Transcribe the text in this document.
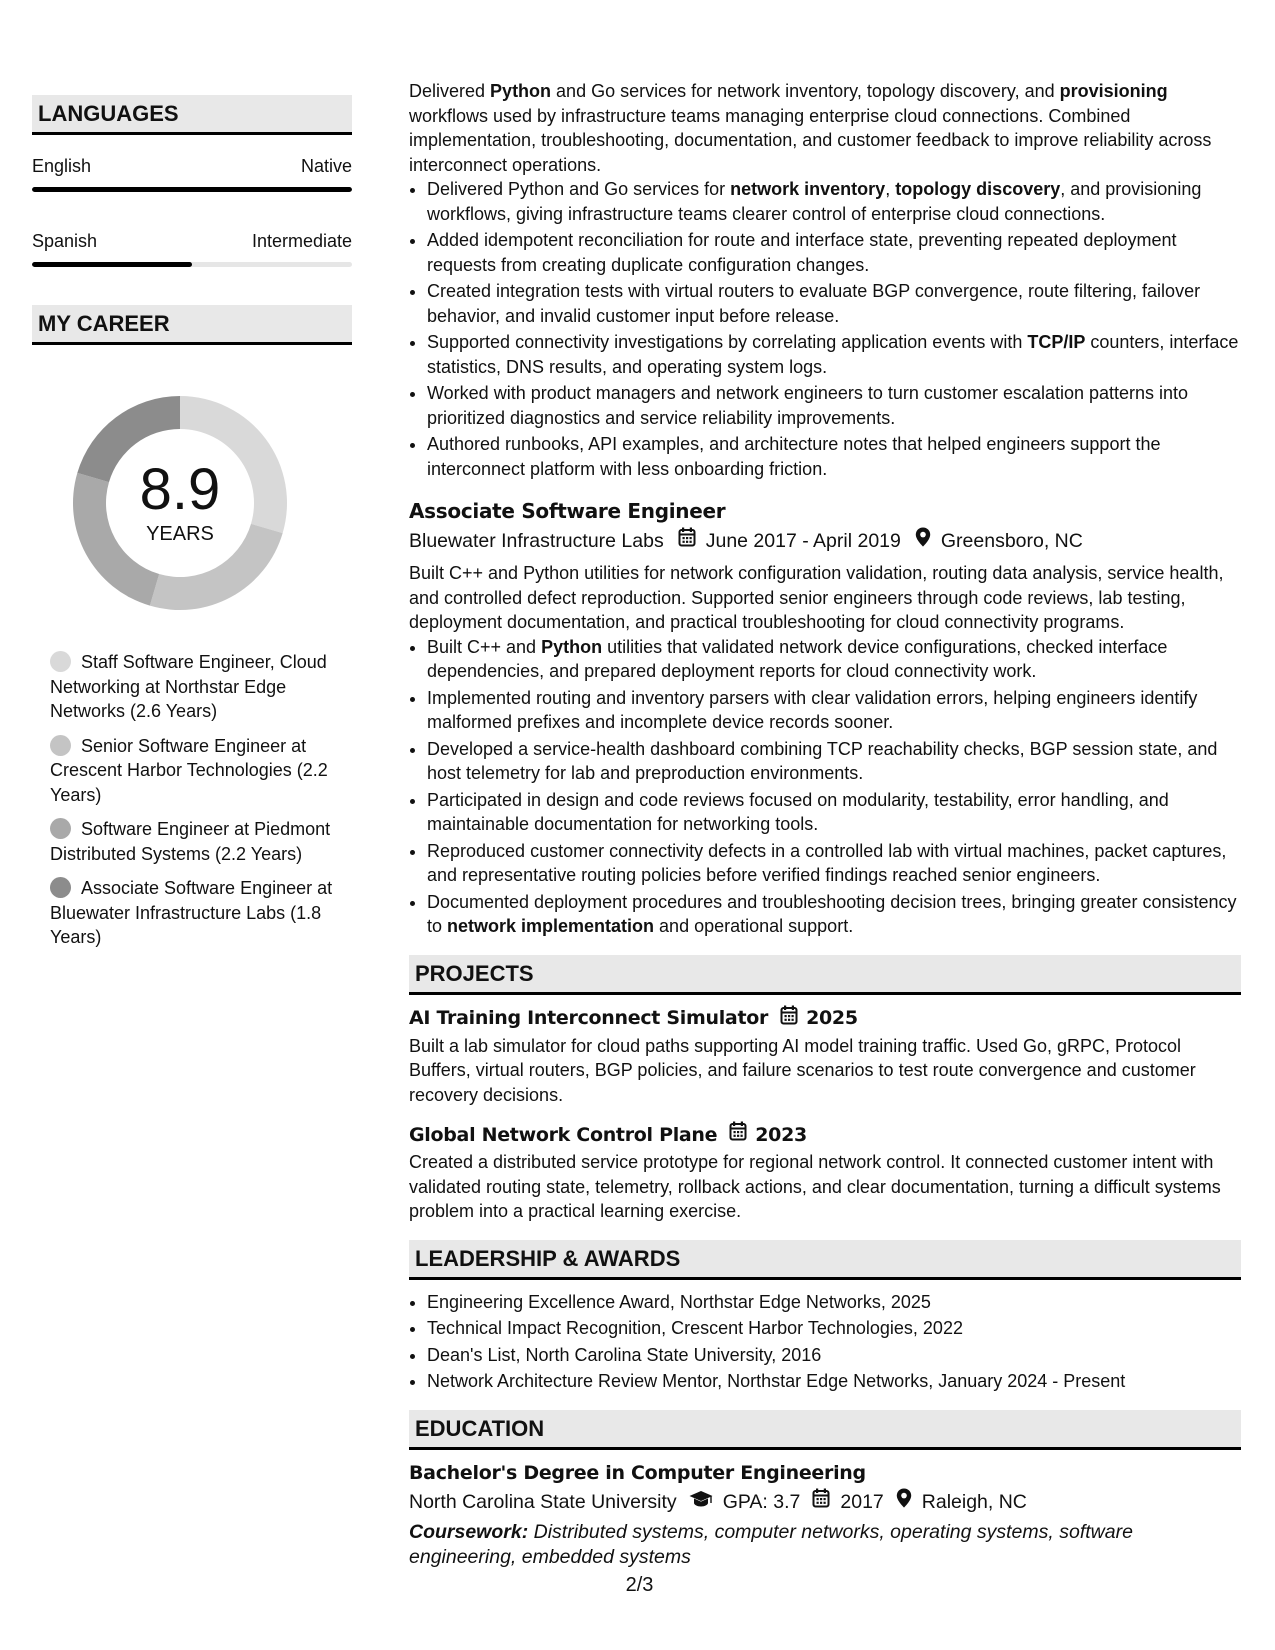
LANGUAGES
English	Native
Spanish	Intermediate
MY CAREER
8.9
YEARS
Staff Software Engineer, Cloud Networking at Northstar Edge Networks (2.6 Years)
Senior Software Engineer at Crescent Harbor Technologies (2.2 Years)
Software Engineer at Piedmont Distributed Systems (2.2 Years)
Associate Software Engineer at Bluewater Infrastructure Labs (1.8 Years)

Delivered Python and Go services for network inventory, topology discovery, and provisioning workflows used by infrastructure teams managing enterprise cloud connections. Combined implementation, troubleshooting, documentation, and customer feedback to improve reliability across interconnect operations.

• Delivered Python and Go services for network inventory, topology discovery, and provisioning workflows, giving infrastructure teams clearer control of enterprise cloud connections.
• Added idempotent reconciliation for route and interface state, preventing repeated deployment requests from creating duplicate configuration changes.
• Created integration tests with virtual routers to evaluate BGP convergence, route filtering, failover behavior, and invalid customer input before release.
• Supported connectivity investigations by correlating application events with TCP/IP counters, interface statistics, DNS results, and operating system logs.
• Worked with product managers and network engineers to turn customer escalation patterns into prioritized diagnostics and service reliability improvements.
• Authored runbooks, API examples, and architecture notes that helped engineers support the interconnect platform with less onboarding friction.
Associate Software Engineer
Bluewater Infrastructure Labs June 2017 - April 2019 Greensboro, NC

Built C++ and Python utilities for network configuration validation, routing data analysis, service health, and controlled defect reproduction. Supported senior engineers through code reviews, lab testing, deployment documentation, and practical troubleshooting for cloud connectivity programs.

• Built C++ and Python utilities that validated network device configurations, checked interface dependencies, and prepared deployment reports for cloud connectivity work.
• Implemented routing and inventory parsers with clear validation errors, helping engineers identify malformed prefixes and incomplete device records sooner.
• Developed a service-health dashboard combining TCP reachability checks, BGP session state, and host telemetry for lab and preproduction environments.
• Participated in design and code reviews focused on modularity, testability, error handling, and maintainable documentation for networking tools.
• Reproduced customer connectivity defects in a controlled lab with virtual machines, packet captures, and representative routing policies before verified findings reached senior engineers.
• Documented deployment procedures and troubleshooting decision trees, bringing greater consistency to network implementation and operational support.
PROJECTS
AI Training Interconnect Simulator 2025

Built a lab simulator for cloud paths supporting AI model training traffic. Used Go, gRPC, Protocol Buffers, virtual routers, BGP policies, and failure scenarios to test route convergence and customer recovery decisions.

Global Network Control Plane 2023

Created a distributed service prototype for regional network control. It connected customer intent with validated routing state, telemetry, rollback actions, and clear documentation, turning a difficult systems problem into a practical learning exercise.

LEADERSHIP & AWARDS
• Engineering Excellence Award, Northstar Edge Networks, 2025
• Technical Impact Recognition, Crescent Harbor Technologies, 2022
• Dean's List, North Carolina State University, 2016
• Network Architecture Review Mentor, Northstar Edge Networks, January 2024 - Present
EDUCATION
Bachelor's Degree in Computer Engineering
North Carolina State University GPA: 3.7 2017 Raleigh, NC
Coursework: Distributed systems, computer networks, operating systems, software engineering, embedded systems
2/3
